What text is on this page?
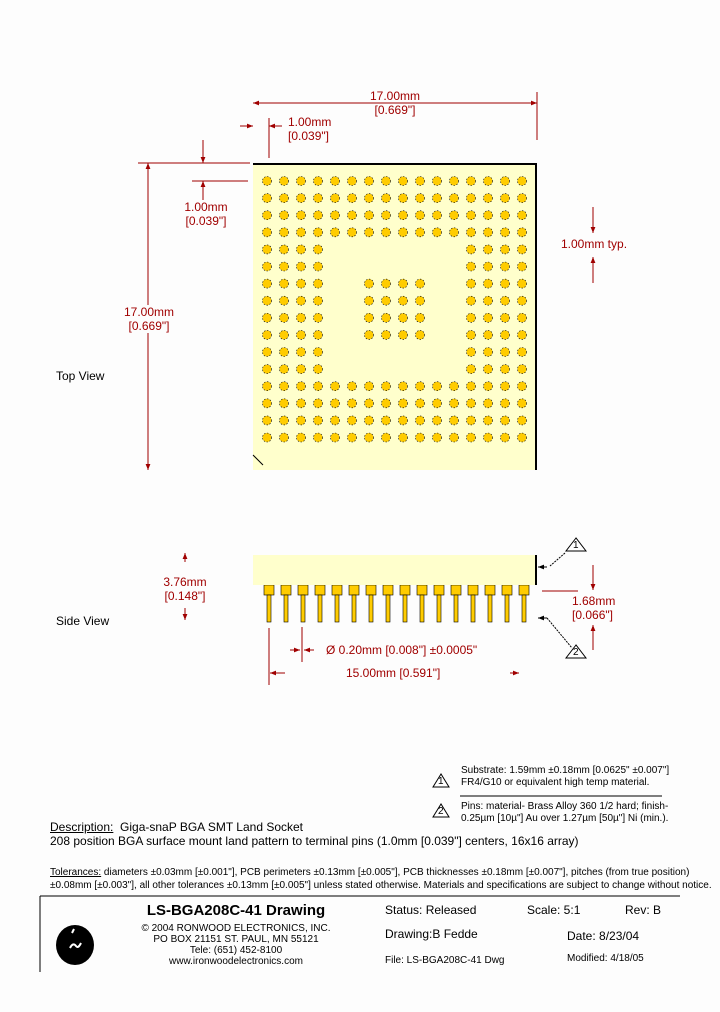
17.00mm
[0.669"]
1.00mm
[0.039"]
1.00mm
[0.039"]
17.00mm
[0.669"]
1.00mm typ.
Top View
3.76mm
[0.148"]	1.68mm
[0.066"]
Ø 0.20mm [0.008"] ±0.0005"
15.00mm [0.591"]
1
2
Side View
1
Substrate: 1.59mm ±0.18mm [0.0625" ±0.007"]
FR4/G10 or equivalent high temp material.
2 Pins: material- Brass Alloy 360 1/2 hard; finish-
0.25µm [10µ"] Au over 1.27µm [50µ"] Ni (min.).
Description: Giga-snaP BGA SMT Land Socket
208 position BGA surface mount land pattern to terminal pins (1.0mm [0.039"] centers, 16x16 array)
Tolerances: diameters ±0.03mm [±0.001"], PCB perimeters ±0.13mm [±0.005"], PCB thicknesses ±0.18mm [±0.007"], pitches (from true position)
±0.08mm [±0.003"], all other tolerances ±0.13mm [±0.005"] unless stated otherwise. Materials and specifications are subject to change without notice.
LS-BGA208C-41 Drawing
© 2004 RONWOOD ELECTRONICS, INC.
PO BOX 21151 ST. PAUL, MN 55121
Tele: (651) 452-8100
www.ironwoodelectronics.com
Status: Released	Scale: 5:1	Rev: B
Drawing:B Fedde	Date: 8/23/04
File: LS-BGA208C-41 Dwg	Modified: 4/18/05
